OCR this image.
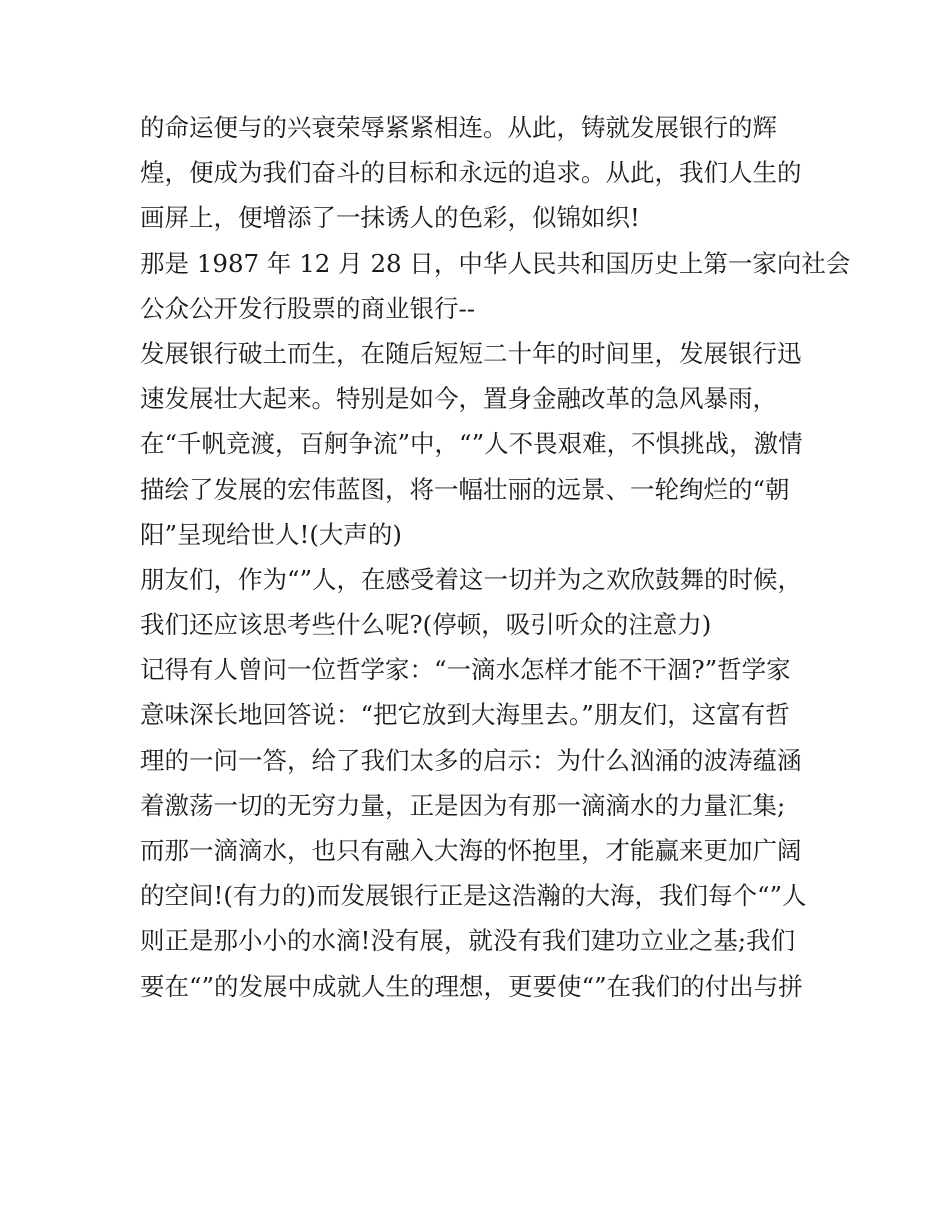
的命运便与的兴衰荣辱紧紧相连。从此，铸就发展银行的辉
煌，便成为我们奋斗的目标和永远的追求。从此，我们人生的
画屏上，便增添了一抹诱人的色彩，似锦如织!
那是 1987 年 12 月 28 日，中华人民共和国历史上第一家向社会
公众公开发行股票的商业银行--
发展银行破土而生，在随后短短二十年的时间里，发展银行迅
速发展壮大起来。特别是如今，置身金融改革的急风暴雨，
在“千帆竞渡，百舸争流”中，“”人不畏艰难，不惧挑战，激情
描绘了发展的宏伟蓝图，将一幅壮丽的远景、一轮绚烂的“朝
阳”呈现给世人!(大声的)
朋友们，作为“”人，在感受着这一切并为之欢欣鼓舞的时候，
我们还应该思考些什么呢?(停顿，吸引听众的注意力)
记得有人曾问一位哲学家：“一滴水怎样才能不干涸?”哲学家
意味深长地回答说：“把它放到大海里去。”朋友们，这富有哲
理的一问一答，给了我们太多的启示：为什么汹涌的波涛蕴涵
着激荡一切的无穷力量，正是因为有那一滴滴水的力量汇集;
而那一滴滴水，也只有融入大海的怀抱里，才能赢来更加广阔
的空间!(有力的)而发展银行正是这浩瀚的大海，我们每个“”人
则正是那小小的水滴!没有展，就没有我们建功立业之基;我们
要在“”的发展中成就人生的理想，更要使“”在我们的付出与拼
